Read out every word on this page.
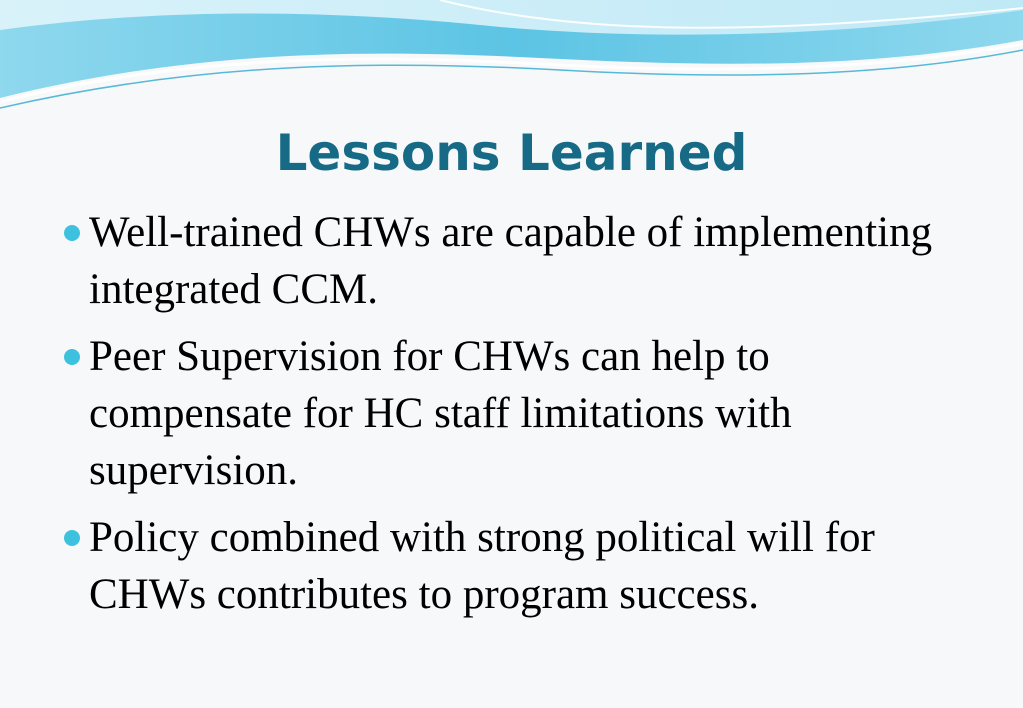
Lessons Learned
Well-trained CHWs are capable of implementing integrated CCM.
Peer Supervision for CHWs can help to compensate for HC staff limitations with supervision.
Policy combined with strong political will for CHWs contributes to program success.
